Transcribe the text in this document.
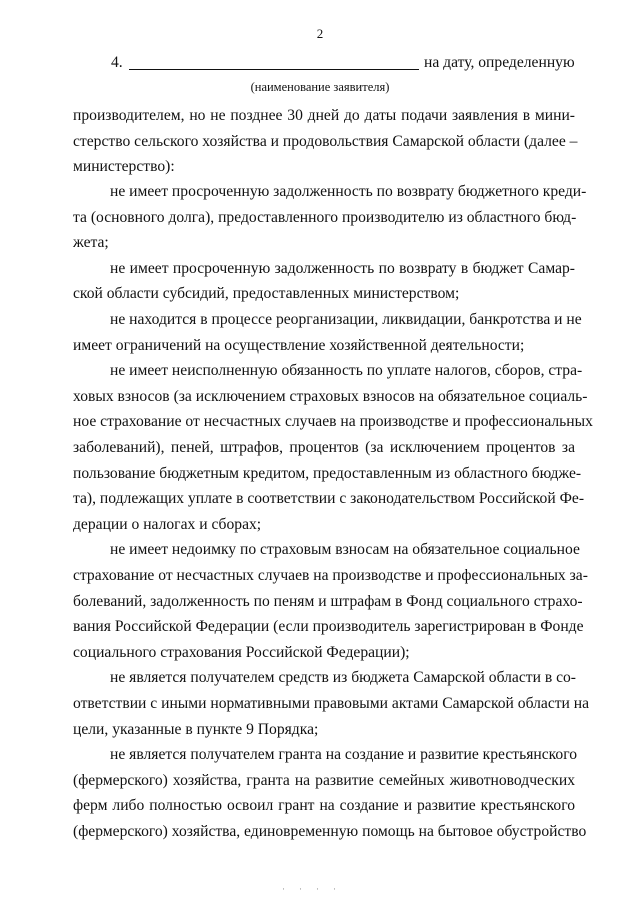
2
4.	на дату, определенную
(наименование заявителя)
производителем, но не позднее 30 дней до даты подачи заявления в мини-
стерство сельского хозяйства и продовольствия Самарской области (далее –
министерство):
не имеет просроченную задолженность по возврату бюджетного креди-
та (основного долга), предоставленного производителю из областного бюд-
жета;
не имеет просроченную задолженность по возврату в бюджет Самар-
ской области субсидий, предоставленных министерством;
не находится в процессе реорганизации, ликвидации, банкротства и не
имеет ограничений на осуществление хозяйственной деятельности;
не имеет неисполненную обязанность по уплате налогов, сборов, стра-
ховых взносов (за исключением страховых взносов на обязательное социаль-
ное страхование от несчастных случаев на производстве и профессиональных
заболеваний), пеней, штрафов, процентов (за исключением процентов за
пользование бюджетным кредитом, предоставленным из областного бюдже-
та), подлежащих уплате в соответствии с законодательством Российской Фе-
дерации о налогах и сборах;
не имеет недоимку по страховым взносам на обязательное социальное
страхование от несчастных случаев на производстве и профессиональных за-
болеваний, задолженность по пеням и штрафам в Фонд социального страхо-
вания Российской Федерации (если производитель зарегистрирован в Фонде
социального страхования Российской Федерации);
не является получателем средств из бюджета Самарской области в со-
ответствии с иными нормативными правовыми актами Самарской области на
цели, указанные в пункте 9 Порядка;
не является получателем гранта на создание и развитие крестьянского
(фермерского) хозяйства, гранта на развитие семейных животноводческих
ферм либо полностью освоил грант на создание и развитие крестьянского
(фермерского) хозяйства, единовременную помощь на бытовое обустройство
·​·​·​·
